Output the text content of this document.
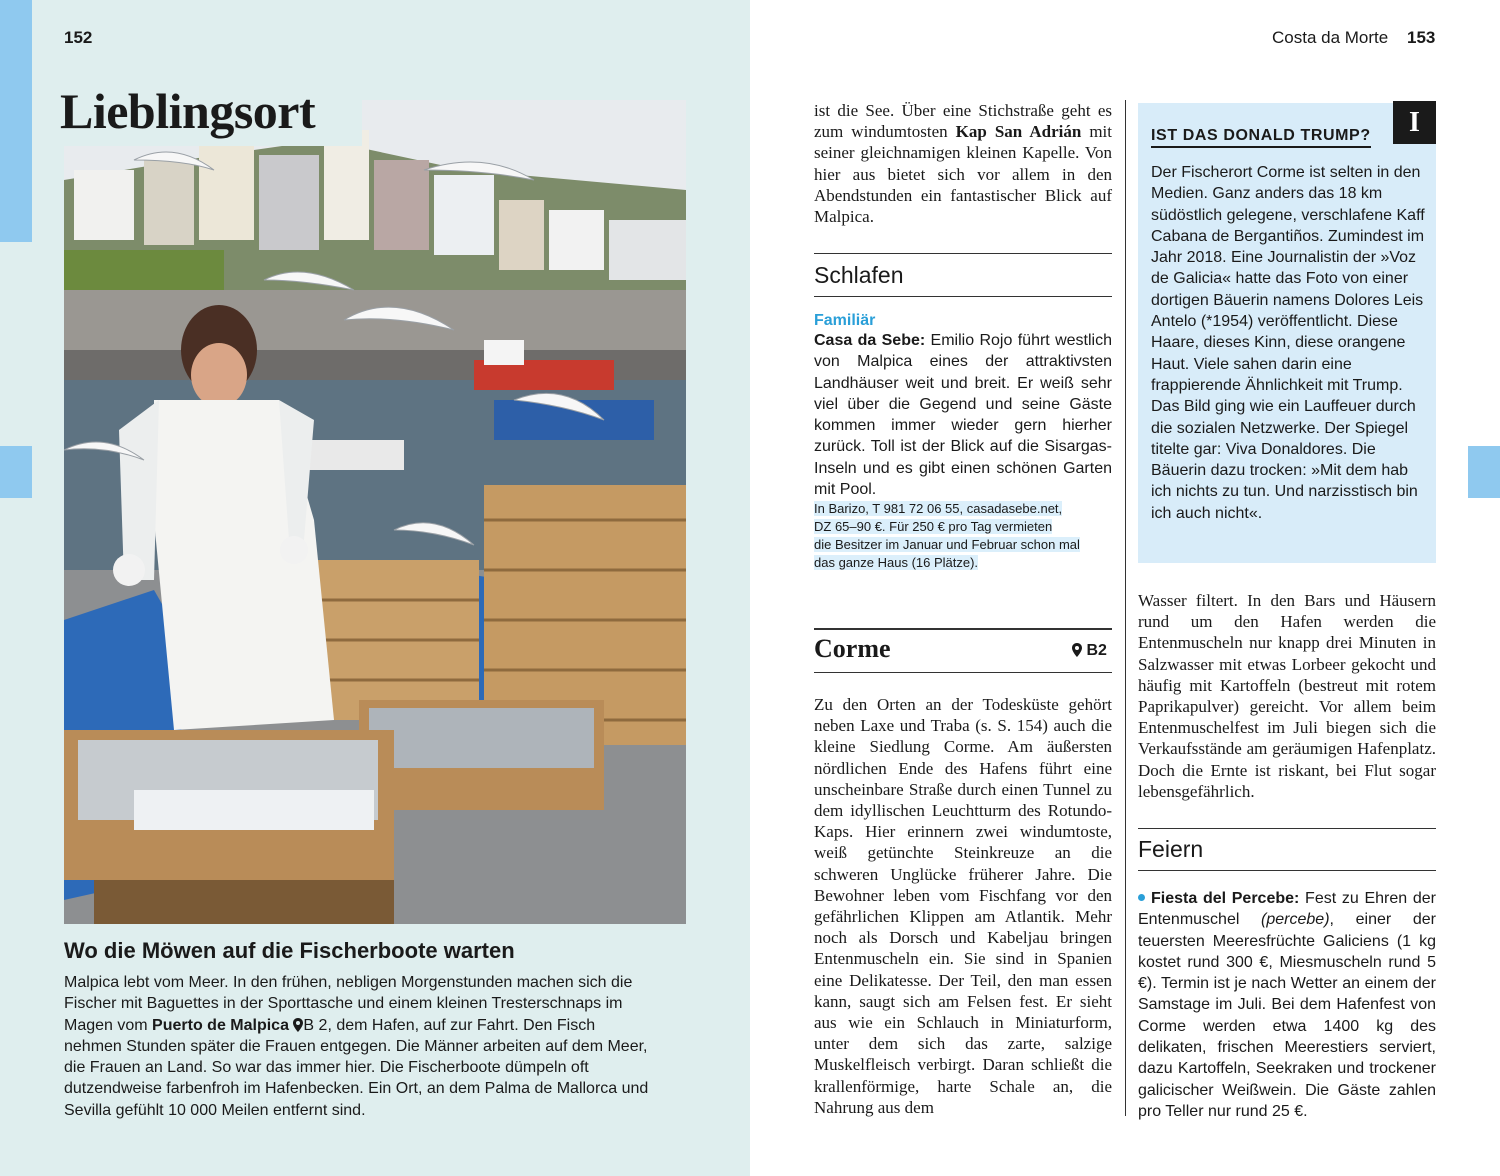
152
Lieblingsort
Wo die Möwen auf die Fischerboote warten
Malpica lebt vom Meer. In den frühen, nebligen Morgenstunden machen sich die Fischer mit Baguettes in der Sporttasche und einem kleinen Tresterschnaps im Magen vom Puerto de Malpica B 2, dem Hafen, auf zur Fahrt. Den Fisch nehmen Stunden später die Frauen entgegen. Die Männer arbeiten auf dem Meer, die Frauen an Land. So war das immer hier. Die Fischerboote dümpeln oft dutzendweise farbenfroh im Hafenbecken. Ein Ort, an dem Palma de Mallorca und Sevilla gefühlt 10 000 Meilen entfernt sind.
Costa da Morte 153
ist die See. Über eine Stichstraße geht es zum windumtosten Kap San Adrián mit seiner gleichnamigen kleinen Kapelle. Von hier aus bietet sich vor allem in den Abendstunden ein fantastischer Blick auf Malpica.
Schlafen
Familiär
Casa da Sebe: Emilio Rojo führt westlich von Malpica eines der attraktivsten Landhäuser weit und breit. Er weiß sehr viel über die Gegend und seine Gäste kommen immer wieder gern hierher zurück. Toll ist der Blick auf die Sisargas-Inseln und es gibt einen schönen Garten mit Pool.
In Barizo, T 981 72 06 55, casadasebe.net,
DZ 65–90 €. Für 250 € pro Tag vermieten
die Besitzer im Januar und Februar schon mal
das ganze Haus (16 Plätze).
Corme	B2
Zu den Orten an der Todesküste gehört neben Laxe und Traba (s. S. 154) auch die kleine Siedlung Corme. Am äußersten nördlichen Ende des Hafens führt eine unscheinbare Straße durch einen Tunnel zu dem idyllischen Leuchtturm des Rotundo-Kaps. Hier erinnern zwei windumtoste, weiß getünchte Steinkreuze an die schweren Unglücke früherer Jahre. Die Bewohner leben vom Fischfang vor den gefährlichen Klippen am Atlantik. Mehr noch als Dorsch und Kabeljau bringen Entenmuscheln ein. Sie sind in Spanien eine Delikatesse. Der Teil, den man essen kann, saugt sich am Felsen fest. Er sieht aus wie ein Schlauch in Miniaturform, unter dem sich das zarte, salzige Muskelfleisch verbirgt. Daran schließt die krallenförmige, harte Schale an, die Nahrung aus dem
I
IST DAS DONALD TRUMP?
Der Fischerort Corme ist selten in den Medien. Ganz anders das 18 km südöstlich gelegene, verschlafene Kaff Cabana de Bergantiños. Zumindest im Jahr 2018. Eine Journalistin der »Voz de Galicia« hatte das Foto von einer dortigen Bäuerin namens Dolores Leis Antelo (*1954) veröffentlicht. Diese Haare, dieses Kinn, diese orangene Haut. Viele sahen darin eine frappierende Ähnlichkeit mit Trump. Das Bild ging wie ein Lauffeuer durch die sozialen Netzwerke. Der Spiegel titelte gar: Viva Donaldores. Die Bäuerin dazu trocken: »Mit dem hab ich nichts zu tun. Und narzisstisch bin ich auch nicht«.
Wasser filtert. In den Bars und Häusern rund um den Hafen werden die Entenmuscheln nur knapp drei Minuten in Salzwasser mit etwas Lorbeer gekocht und häufig mit Kartoffeln (bestreut mit rotem Paprikapulver) gereicht. Vor allem beim Entenmuschelfest im Juli biegen sich die Verkaufsstände am geräumigen Hafenplatz. Doch die Ernte ist riskant, bei Flut sogar lebensgefährlich.
Feiern
Fiesta del Percebe: Fest zu Ehren der Entenmuschel (percebe), einer der teuersten Meeresfrüchte Galiciens (1 kg kostet rund 300 €, Miesmuscheln rund 5 €). Termin ist je nach Wetter an einem der Samstage im Juli. Bei dem Hafenfest von Corme werden etwa 1400 kg des delikaten, frischen Meerestiers serviert, dazu Kartoffeln, Seekraken und trockener galicischer Weißwein. Die Gäste zahlen pro Teller nur rund 25 €.
